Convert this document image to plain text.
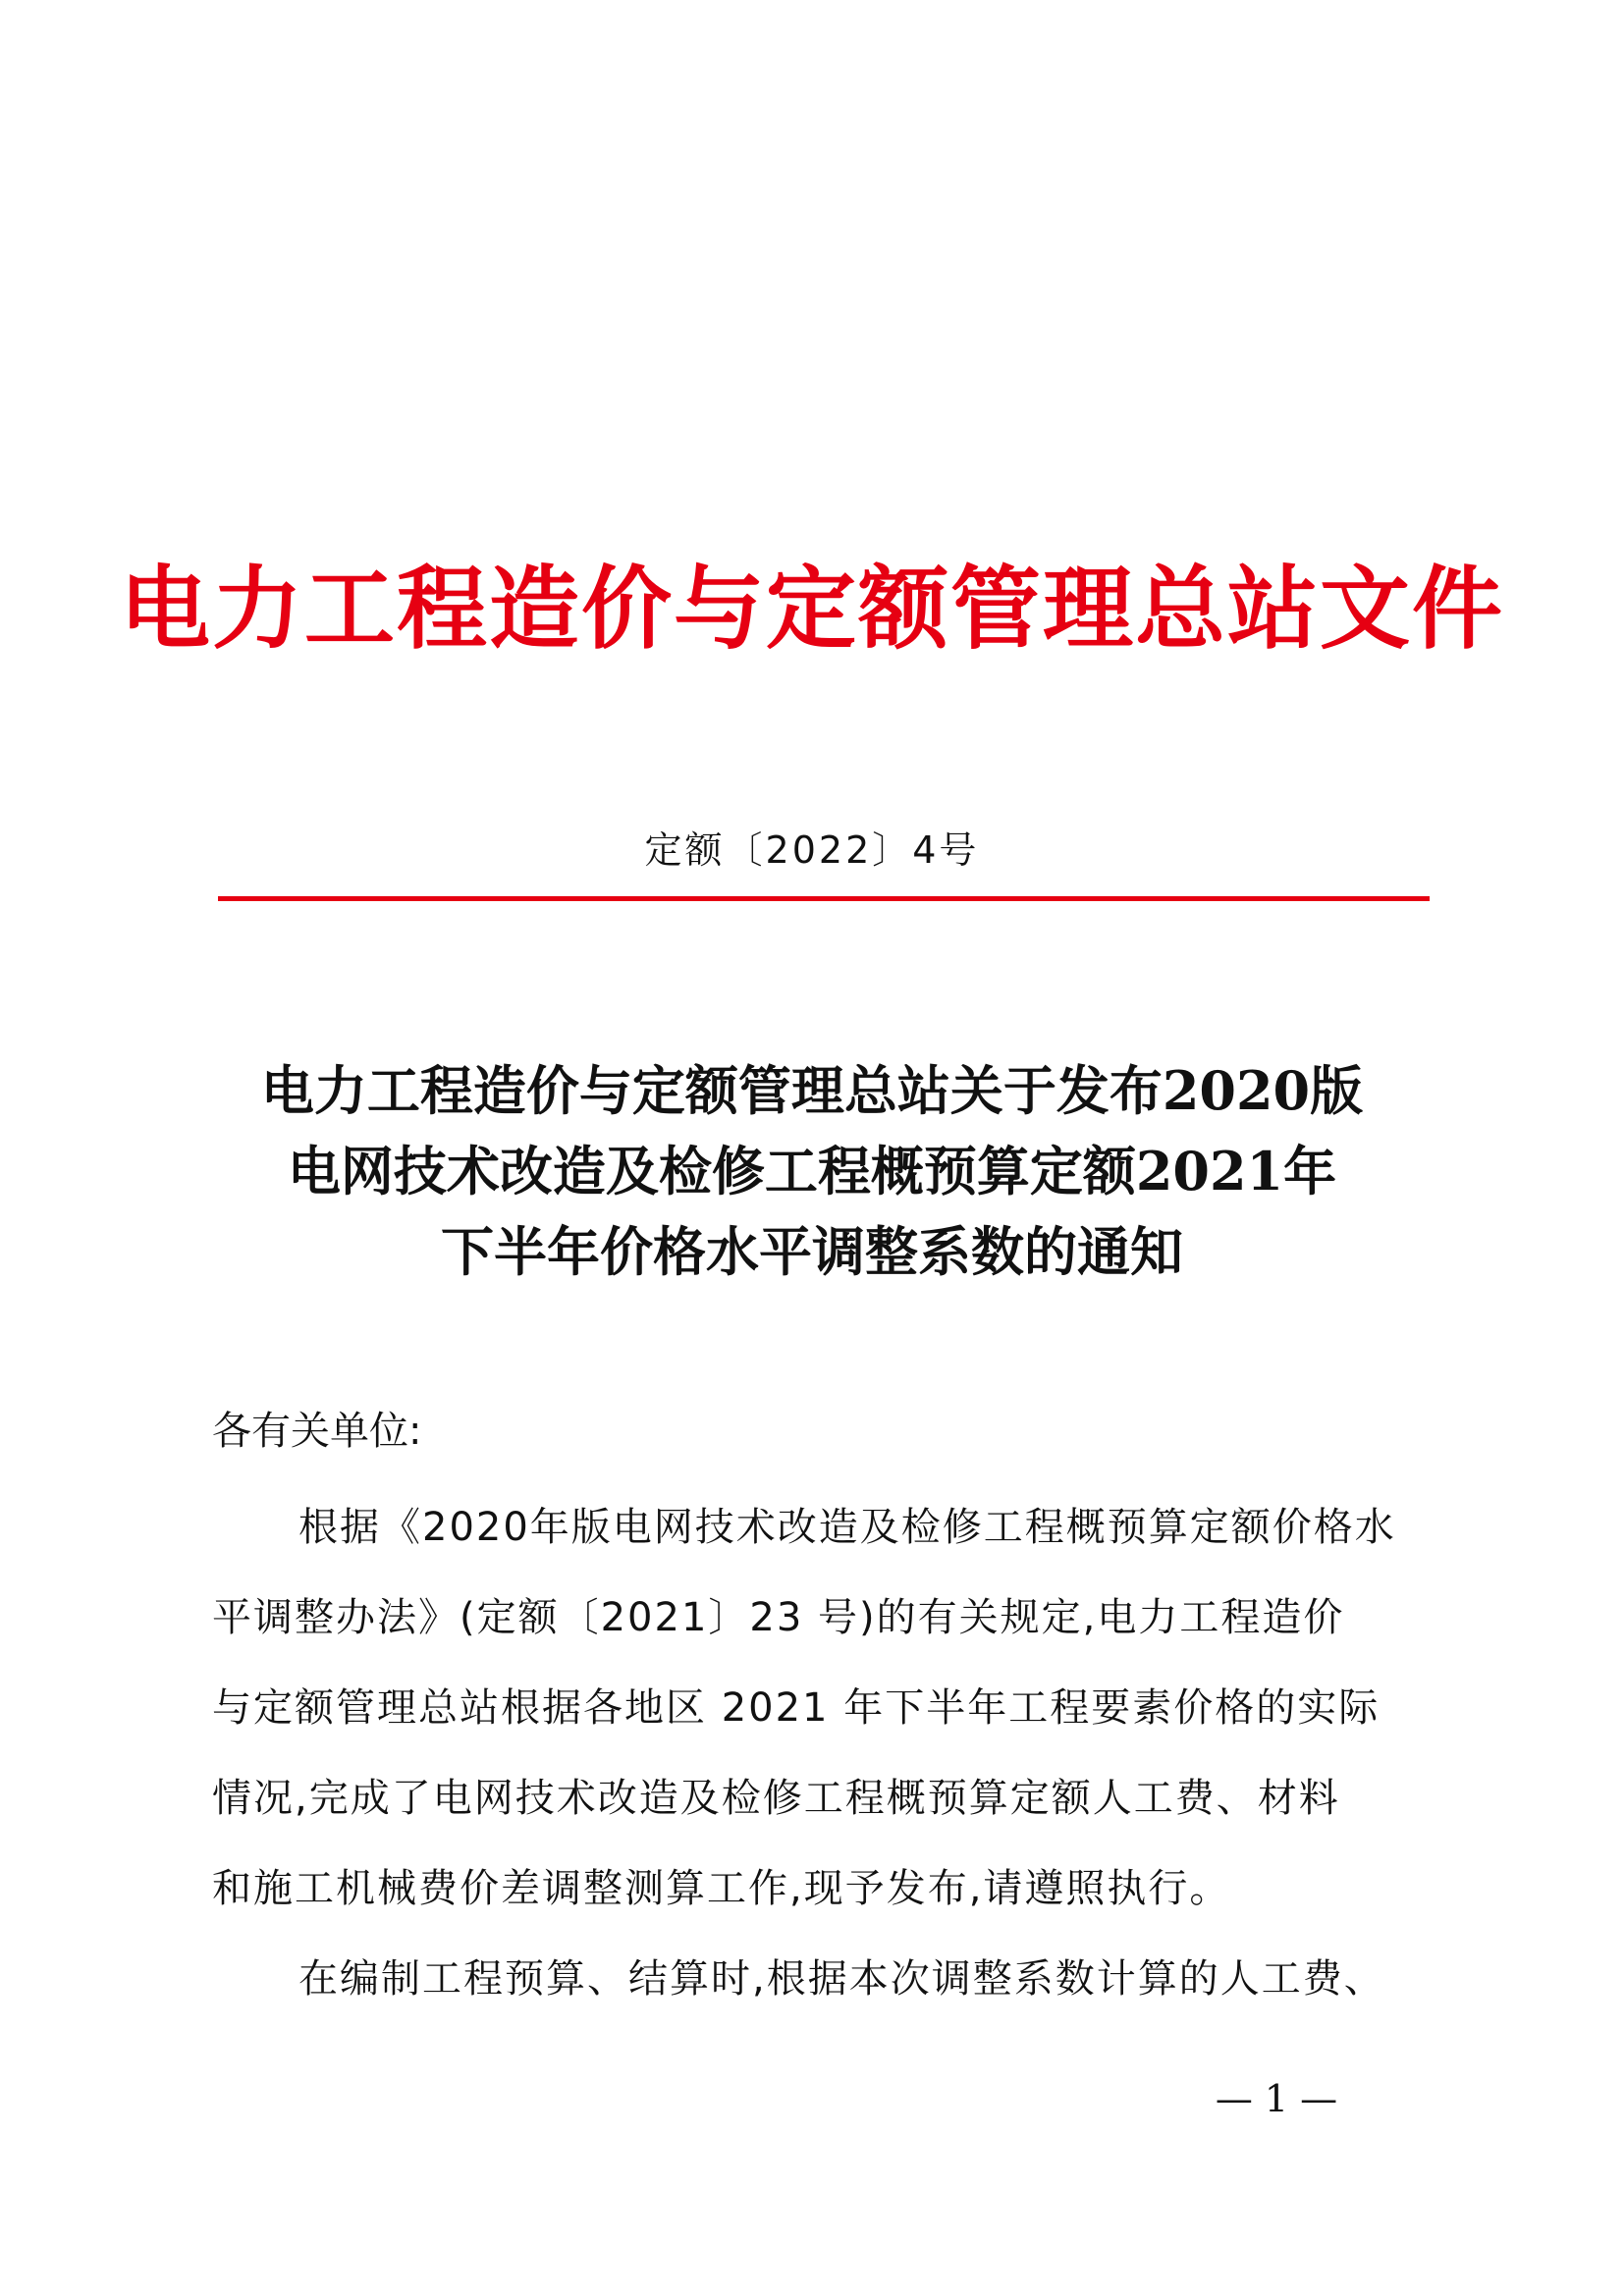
电力工程造价与定额管理总站文件
定额〔2022〕4号
电力工程造价与定额管理总站关于发布2020版
电网技术改造及检修工程概预算定额2021年
下半年价格水平调整系数的通知
各有关单位:
根据《2020年版电网技术改造及检修工程概预算定额价格水
平调整办法》(定额〔2021〕23 号)的有关规定,电力工程造价
与定额管理总站根据各地区 2021 年下半年工程要素价格的实际
情况,完成了电网技术改造及检修工程概预算定额人工费、材料
和施工机械费价差调整测算工作,现予发布,请遵照执行。
在编制工程预算、结算时,根据本次调整系数计算的人工费、
— 1 —
